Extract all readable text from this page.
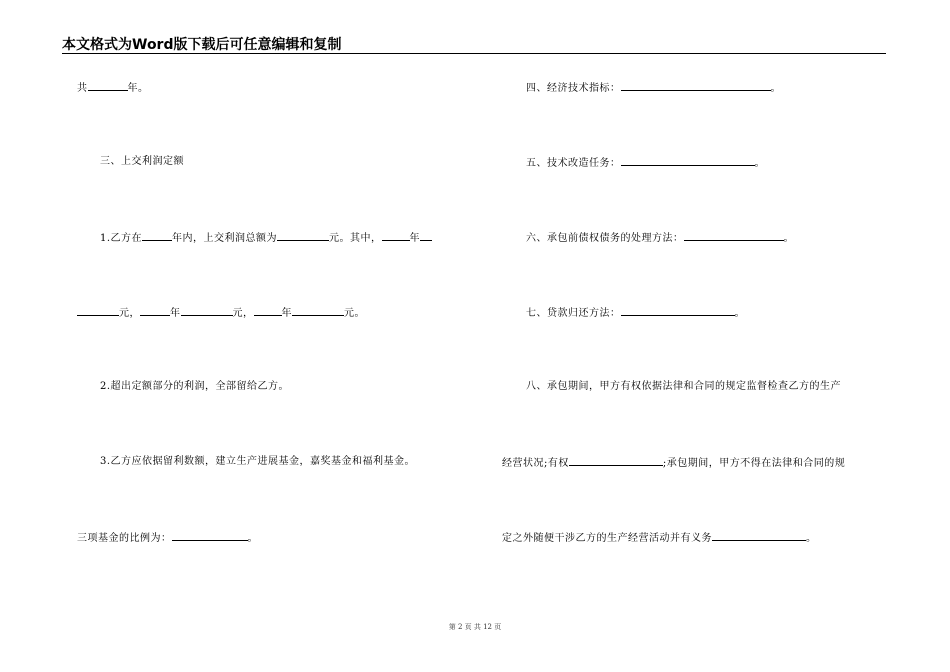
本文格式为Word版下载后可任意编辑和复制
共	年。
三、上交利润定额
1.乙方在	年内，上交利润总额为	元。其中，	年
元，	年	元，	年	元。
2.超出定额部分的利润，全部留给乙方。
3.乙方应依据留利数额，建立生产进展基金，嘉奖基金和福利基金。
三项基金的比例为：	。
四、经济技术指标：	。
五、技术改造任务：	。
六、承包前债权债务的处理方法：	。
七、贷款归还方法：	。
八、承包期间，甲方有权依据法律和合同的规定监督检查乙方的生产
经营状况;有权	;承包期间，甲方不得在法律和合同的规
定之外随便干涉乙方的生产经营活动并有义务	。
第 2 页 共 12 页
